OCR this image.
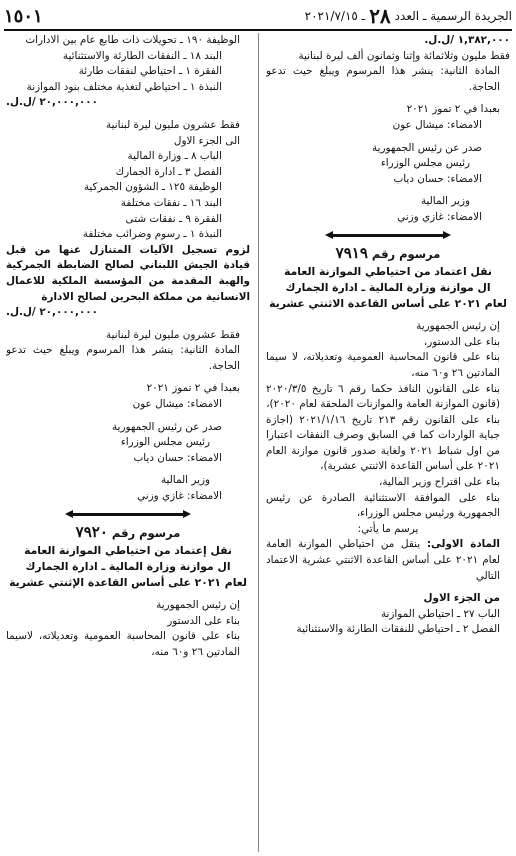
الجريدة الرسمية ـ العدد
٢٨
ـ ٢٠٢١/٧/١٥
١٥٠١

١,٣٨٢,٠٠٠ /ل.ل.

فقط مليون وثلاثمائة وإثنا وثمانون ألف ليرة لبنانية

المادة الثانية: ينشر هذا المرسوم ويبلغ حيث تدعو الحاجة.

بعبدا في ٢ تموز ٢٠٢١

الامضاء: ميشال عون

صدر عن رئيس الجمهورية

رئيس مجلس الوزراء

الامضاء: حسان دياب

وزير المالية

الامضاء: غازي وزني

مرسوم رقم ٧٩١٩

نقل اعتماد من احتياطي الموازنة العامة

ال موازنة وزارة المالية ـ ادارة الجمارك

لعام ٢٠٢١ على أساس القاعدة الاثنتي عشرية

إن رئيس الجمهورية

بناء على الدستور،

بناء على قانون المحاسبة العمومية وتعديلاته، لا سيما المادتين ٢٦ و٦٠ منه،

بناء على القانون النافذ حكما رقم ٦ تاريخ ٢٠٢٠/٣/٥ (قانون الموازنة العامة والموازنات الملحقة لعام ٢٠٢٠)،

بناء على القانون رقم ٢١٣ تاريخ ٢٠٢١/١/١٦ (اجازة جباية الواردات كما في السابق وصرف النفقات اعتبارا من اول شباط ٢٠٢١ ولغاية صدور قانون موازنة العام ٢٠٢١ على أساس القاعدة الاثنتي عشرية)،

بناء على اقتراح وزير المالية،

بناء على الموافقة الاستثنائية الصادرة عن رئيس الجمهورية ورئيس مجلس الوزراء،

يرسم ما يأتي:

المادة الاولى: ينقل من احتياطي الموازنة العامة لعام ٢٠٢١ على أساس القاعدة الاثنتي عشرية الاعتماد التالي

من الجزء الاول

الباب ٢٧ ـ احتياطي الموازنة

الفصل ٢ ـ احتياطي للنفقات الطارئة والاستثنائية

الوظيفة ١٩٠ ـ تحويلات ذات طابع عام بين الادارات

البند ١٨ ـ النفقات الطارئة والاستثنائية

الفقرة ١ ـ احتياطي لنفقات طارئة

النبذة ١ ـ احتياطي لتغذية مختلف بنود الموازنة

٢٠,٠٠٠,٠٠٠ /ل.ل.

فقط عشرون مليون ليرة لبنانية

الى الجزء الاول

الباب ٨ ـ وزارة المالية

الفصل ٣ ـ ادارة الجمارك

الوظيفة ١٢٥ ـ الشؤون الجمركية

البند ١٦ ـ نفقات مختلفة

الفقرة ٩ ـ نفقات شتى

النبذة ١ ـ رسوم وضرائب مختلفة

لزوم تسجيل الآليات المتنازل عنها من قبل قيادة الجيش اللبناني لصالح الضابطة الجمركية والهبة المقدمة من المؤسسة الملكية للاعمال الانسانية من مملكة البحرين لصالح الادارة

٢٠,٠٠٠,٠٠٠ /ل.ل.

فقط عشرون مليون ليرة لبنانية

المادة الثانية: ينشر هذا المرسوم ويبلغ حيث تدعو الحاجة.

بعبدا في ٢ تموز ٢٠٢١

الامضاء: ميشال عون

صدر عن رئيس الجمهورية

رئيس مجلس الوزراء

الامضاء: حسان دياب

وزير المالية

الامضاء: غازي وزني

مرسوم رقم ٧٩٢٠

نقل إعتماد من احتياطي الموازنة العامة

ال موازنة وزارة المالية ـ ادارة الجمارك

لعام ٢٠٢١ على أساس القاعدة الإثنتي عشرية

إن رئيس الجمهورية

بناء على الدستور

بناء على قانون المحاسبة العمومية وتعديلاته، لاسيما المادتين ٢٦ و٦٠ منه،
